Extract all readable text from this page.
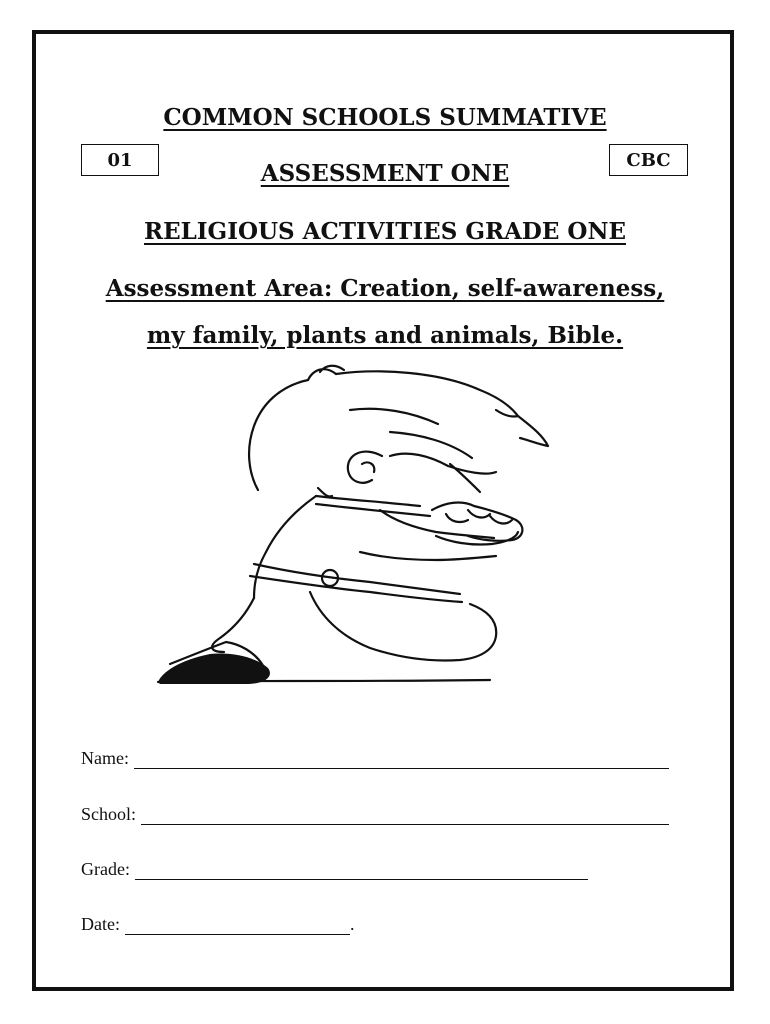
COMMON SCHOOLS SUMMATIVE
01	CBC
ASSESSMENT ONE
RELIGIOUS ACTIVITIES GRADE ONE
Assessment Area: Creation, self-awareness,
my family, plants and animals, Bible.
Name:
School:
Grade:
Date:	.
